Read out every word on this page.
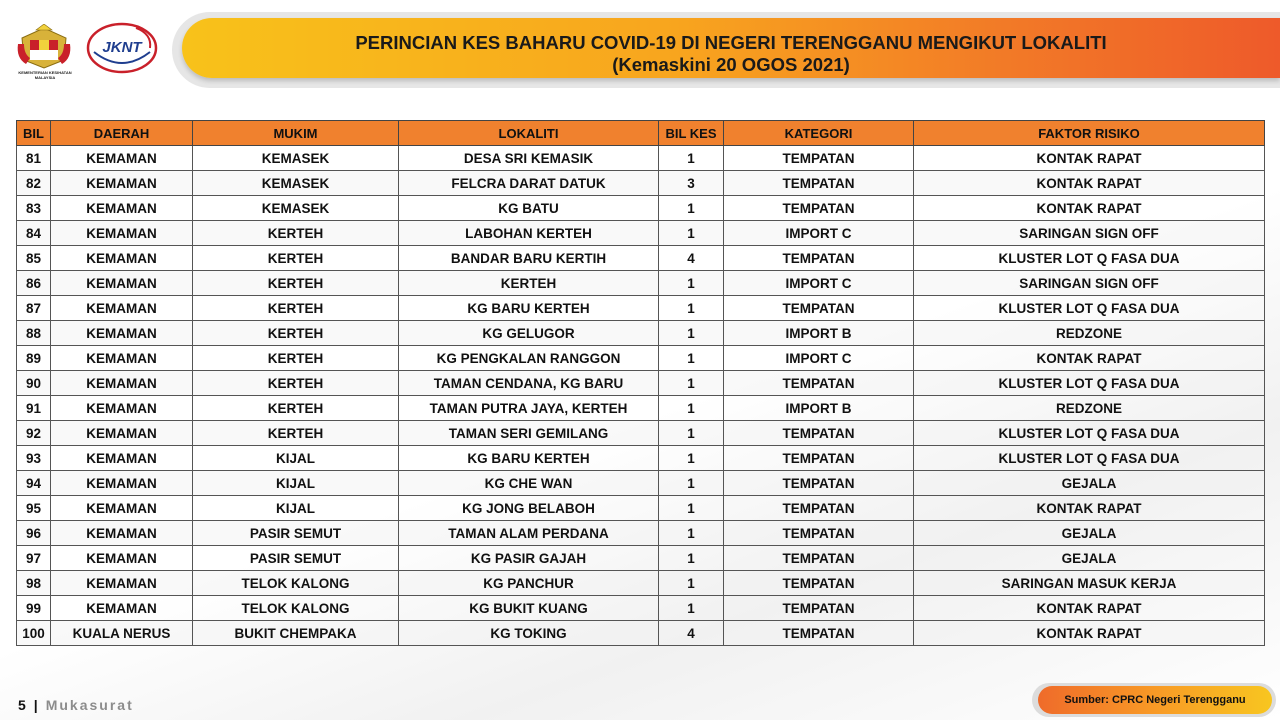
KEMENTERIAN KESIHATAN MALAYSIA
JKNT	PERINCIAN KES BAHARU COVID-19 DI NEGERI TERENGGANU MENGIKUT LOKALITI
(Kemaskini 20 OGOS 2021)
BIL	DAERAH	MUKIM	LOKALITI	BIL KES	KATEGORI	FAKTOR RISIKO
81	KEMAMAN	KEMASEK	DESA SRI KEMASIK	1	TEMPATAN	KONTAK RAPAT
82	KEMAMAN	KEMASEK	FELCRA DARAT DATUK	3	TEMPATAN	KONTAK RAPAT
83	KEMAMAN	KEMASEK	KG BATU	1	TEMPATAN	KONTAK RAPAT
84	KEMAMAN	KERTEH	LABOHAN KERTEH	1	IMPORT C	SARINGAN SIGN OFF
85	KEMAMAN	KERTEH	BANDAR BARU KERTIH	4	TEMPATAN	KLUSTER LOT Q FASA DUA
86	KEMAMAN	KERTEH	KERTEH	1	IMPORT C	SARINGAN SIGN OFF
87	KEMAMAN	KERTEH	KG BARU KERTEH	1	TEMPATAN	KLUSTER LOT Q FASA DUA
88	KEMAMAN	KERTEH	KG GELUGOR	1	IMPORT B	REDZONE
89	KEMAMAN	KERTEH	KG PENGKALAN RANGGON	1	IMPORT C	KONTAK RAPAT
90	KEMAMAN	KERTEH	TAMAN CENDANA, KG BARU	1	TEMPATAN	KLUSTER LOT Q FASA DUA
91	KEMAMAN	KERTEH	TAMAN PUTRA JAYA, KERTEH	1	IMPORT B	REDZONE
92	KEMAMAN	KERTEH	TAMAN SERI GEMILANG	1	TEMPATAN	KLUSTER LOT Q FASA DUA
93	KEMAMAN	KIJAL	KG BARU KERTEH	1	TEMPATAN	KLUSTER LOT Q FASA DUA
94	KEMAMAN	KIJAL	KG CHE WAN	1	TEMPATAN	GEJALA
95	KEMAMAN	KIJAL	KG JONG BELABOH	1	TEMPATAN	KONTAK RAPAT
96	KEMAMAN	PASIR SEMUT	TAMAN ALAM PERDANA	1	TEMPATAN	GEJALA
97	KEMAMAN	PASIR SEMUT	KG PASIR GAJAH	1	TEMPATAN	GEJALA
98	KEMAMAN	TELOK KALONG	KG PANCHUR	1	TEMPATAN	SARINGAN MASUK KERJA
99	KEMAMAN	TELOK KALONG	KG BUKIT KUANG	1	TEMPATAN	KONTAK RAPAT
100	KUALA NERUS	BUKIT CHEMPAKA	KG TOKING	4	TEMPATAN	KONTAK RAPAT
5 | Mukasurat	Sumber: CPRC Negeri Terengganu
